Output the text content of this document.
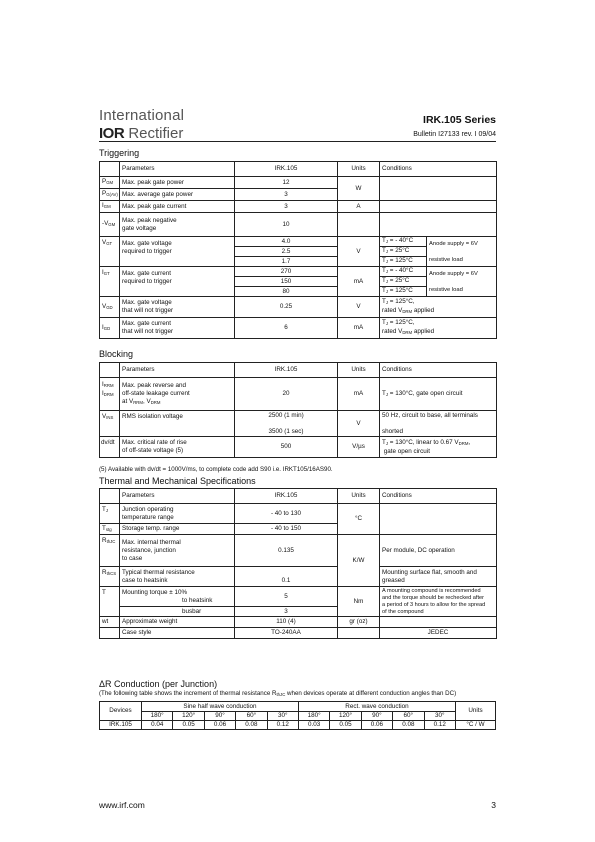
International
IOR Rectifier
IRK.105 Series
Bulletin I27133 rev. I 09/04
Triggering
	Parameters	IRK.105	Units	Conditions	
$P_{GM}$	Max. peak gate power	12	W		
$P_{G(AV)}$	Max. average gate power	3			
$I_{GM}$	Max. peak gate current	3	A		
$-V_{GM}$	Max. peak negative
gate voltage	10			
$V_{GT}$	Max. gate voltage
required to trigger	4.0	V	$T_J$ = - 40°C	Anode supply = 6V

resistive load
		2.5		$T_J = 25^\circ C$	
		1.7		$T_J = 125^\circ C$	
$I_{GT}$	Max. gate current
required to trigger	270	mA	$T_J$ = - 40°C	Anode supply = 6V

resistive load
		150		$T_J = 25^\circ C$	
		80		$T_J = 125^\circ C$	
$V_{GD}$	Max. gate voltage
that will not trigger	0.25	V	$T_J = 125^\circ C$,
rated $V_{DRM}$ applied	
$I_{GD}$	Max. gate current
that will not trigger	6	mA	$T_J = 125^\circ C$,
rated $V_{DRM}$ applied	
Blocking
	Parameters	IRK.105	Units	Conditions
$I_{RRM}$
$I_{DRM}$	Max. peak reverse and
off-state leakage current
at $V_{RRM}$, $V_{DRM}$	20	mA	$T_J = 130^\circ C$, gate open circuit
$V_{INS}$	RMS isolation voltage	2500 (1 min)

3500 (1 sec)	V	50 Hz, circuit to base, all terminals

shorted
dv/dt	Max. critical rate of rise
of off-state voltage (5)	500	V/µs	$T_J = 130^\circ C$, linear to 0.67 $V_{DRM}$,
gate open circuit
(5) Available with dv/dt = 1000V/ms, to complete code add S90 i.e. IRKT105/16AS90.
Thermal and Mechanical Specifications
	Parameters	IRK.105	Units	Conditions
$T_J$	Junction operating
temperature range	- 40 to 130	°C	
$T_{stg}$	Storage temp. range	- 40 to 150		
$R_{thJC}$	Max. internal thermal
resistance, junction
to case	0.135	K/W	Per module, DC operation
$R_{thCS}$	Typical thermal resistance
case to heatsink	0.1		Mounting surface flat, smooth and greased
T	Mounting torque ± 10%
to heatsink	5	Nm	A mounting compound is recommended
and the torque should be rechecked after
a period of 3 hours to allow for the spread
of the compound
	busbar	3		
wt	Approximate weight	110 (4)	gr (oz)	
	Case style	TO-240AA		JEDEC
ΔR Conduction (per Junction)
(The following table shows the increment of thermal resistance $R_{thJC}$ when devices operate at different conduction angles than DC)
Devices	Sine half wave conduction					Rect. wave conduction					Units
	180°	120°	90°	60°	30°	180°	120°	90°	60°	30°	
IRK.105	0.04	0.05	0.06	0.08	0.12	0.03	0.05	0.06	0.08	0.12	°C / W
www.irf.com	3
